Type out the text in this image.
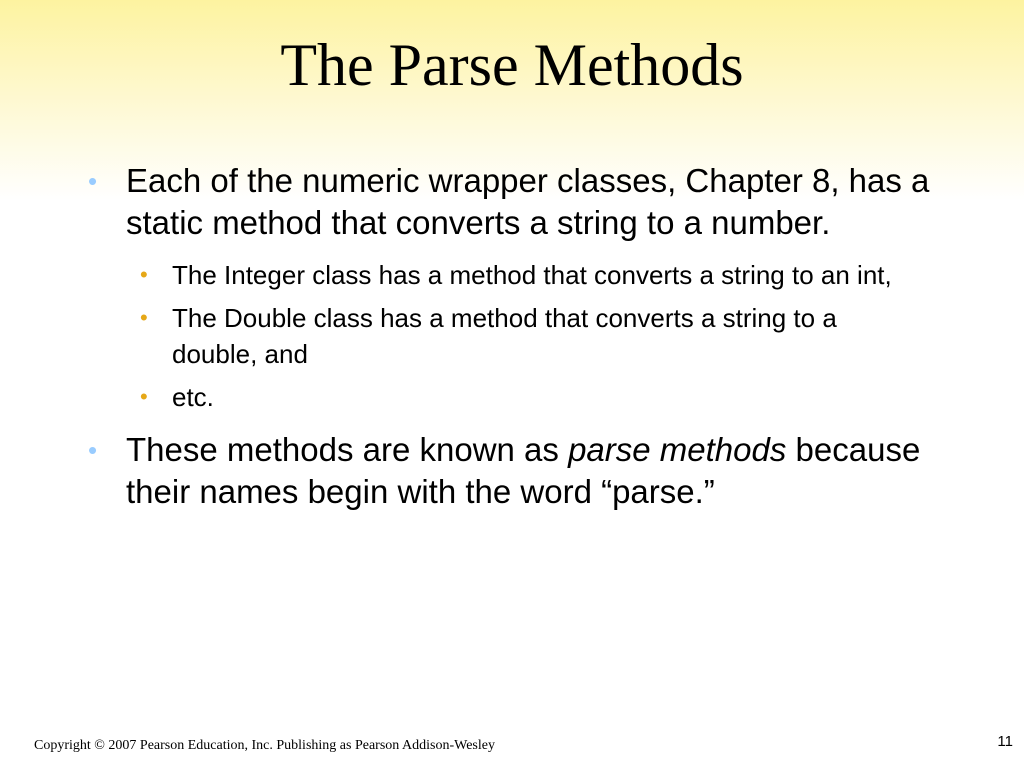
The Parse Methods
• Each of the numeric wrapper classes, Chapter 8, has a static method that converts a string to a number.
• The Integer class has a method that converts a string to an int,
• The Double class has a method that converts a string to a double, and
• etc.
• These methods are known as parse methods because their names begin with the word “parse.”
Copyright © 2007 Pearson Education, Inc. Publishing as Pearson Addison-Wesley	11
